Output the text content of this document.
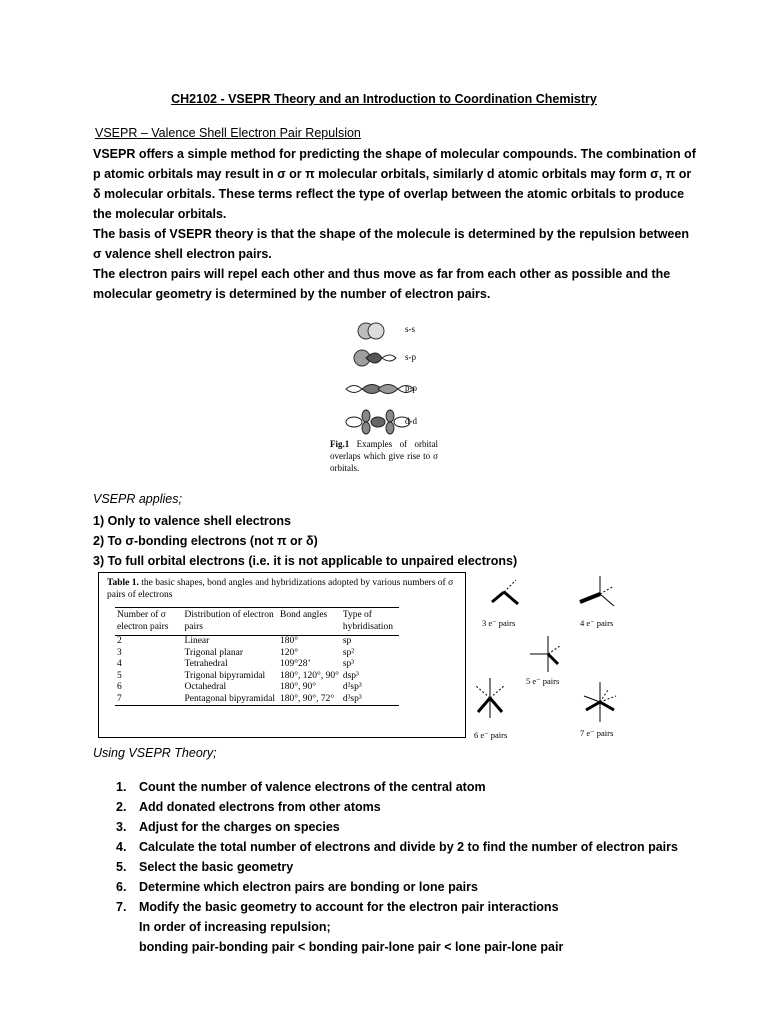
CH2102 - VSEPR Theory and an Introduction to Coordination Chemistry
VSEPR – Valence Shell Electron Pair Repulsion
VSEPR offers a simple method for predicting the shape of molecular compounds. The combination of
p atomic orbitals may result in σ or π molecular orbitals, similarly d atomic orbitals may form σ, π or
δ molecular orbitals. These terms reflect the type of overlap between the atomic orbitals to produce
the molecular orbitals.
The basis of VSEPR theory is that the shape of the molecule is determined by the repulsion between
σ valence shell electron pairs.
The electron pairs will repel each other and thus move as far from each other as possible and the
molecular geometry is determined by the number of electron pairs.
s-s
s-p
p-p
d-d
Fig.1 Examples of orbital overlaps which give rise to σ orbitals.
VSEPR applies;
1) Only to valence shell electrons
2) To σ-bonding electrons (not π or δ)
3) To full orbital electrons (i.e. it is not applicable to unpaired electrons)
Table 1. the basic shapes, bond angles and hybridizations adopted by various numbers of σ pairs of electrons
Number of σ electron pairs	Distribution of electron pairs	Bond angles	Type of hybridisation
2	Linear	180°	sp
3	Trigonal planar	120°	sp²
4	Tetrahedral	109°28’	sp³
5	Trigonal bipyramidal	180°, 120°, 90°	dsp³
6	Octahedral	180°, 90°	d²sp³
7	Pentagonal bipyramidal	180°, 90°, 72°	d³sp³
3 e⁻ pairs	4 e⁻ pairs
5 e⁻ pairs
6 e⁻ pairs	7 e⁻ pairs
Using VSEPR Theory;
1. Count the number of valence electrons of the central atom
2. Add donated electrons from other atoms
3. Adjust for the charges on species
4. Calculate the total number of electrons and divide by 2 to find the number of electron pairs
5. Select the basic geometry
6. Determine which electron pairs are bonding or lone pairs
7. Modify the basic geometry to account for the electron pair interactions
In order of increasing repulsion;
bonding pair-bonding pair < bonding pair-lone pair < lone pair-lone pair
